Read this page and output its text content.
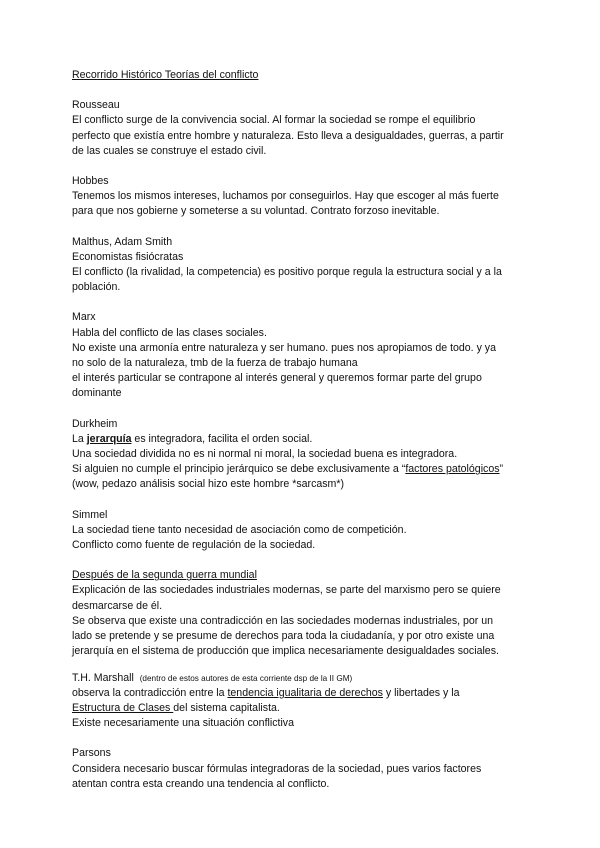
Recorrido Histórico Teorías del conflicto

Rousseau

El conflicto surge de la convivencia social. Al formar la sociedad se rompe el equilibrio

perfecto que existía entre hombre y naturaleza. Esto lleva a desigualdades, guerras, a partir

de las cuales se construye el estado civil.

Hobbes

Tenemos los mismos intereses, luchamos por conseguirlos. Hay que escoger al más fuerte

para que nos gobierne y someterse a su voluntad. Contrato forzoso inevitable.

Malthus, Adam Smith

Economistas fisiócratas

El conflicto (la rivalidad, la competencia) es positivo porque regula la estructura social y a la

población.

Marx

Habla del conflicto de las clases sociales.

No existe una armonía entre naturaleza y ser humano. pues nos apropiamos de todo. y ya

no solo de la naturaleza, tmb de la fuerza de trabajo humana

el interés particular se contrapone al interés general y queremos formar parte del grupo

dominante

Durkheim

La jerarquía es integradora, facilita el orden social.

Una sociedad dividida no es ni normal ni moral, la sociedad buena es integradora.

Si alguien no cumple el principio jerárquico se debe exclusivamente a “factores patológicos”

(wow, pedazo análisis social hizo este hombre *sarcasm*)

Simmel

La sociedad tiene tanto necesidad de asociación como de competición.

Conflicto como fuente de regulación de la sociedad.

Después de la segunda guerra mundial

Explicación de las sociedades industriales modernas, se parte del marxismo pero se quiere

desmarcarse de él.

Se observa que existe una contradicción en las sociedades modernas industriales, por un

lado se pretende y se presume de derechos para toda la ciudadanía, y por otro existe una

jerarquía en el sistema de producción que implica necesariamente desigualdades sociales.

T.H. Marshall (dentro de estos autores de esta corriente dsp de la II GM)

observa la contradicción entre la tendencia igualitaria de derechos y libertades y la

Estructura de Clases del sistema capitalista.

Existe necesariamente una situación conflictiva

Parsons

Considera necesario buscar fórmulas integradoras de la sociedad, pues varios factores

atentan contra esta creando una tendencia al conflicto.
